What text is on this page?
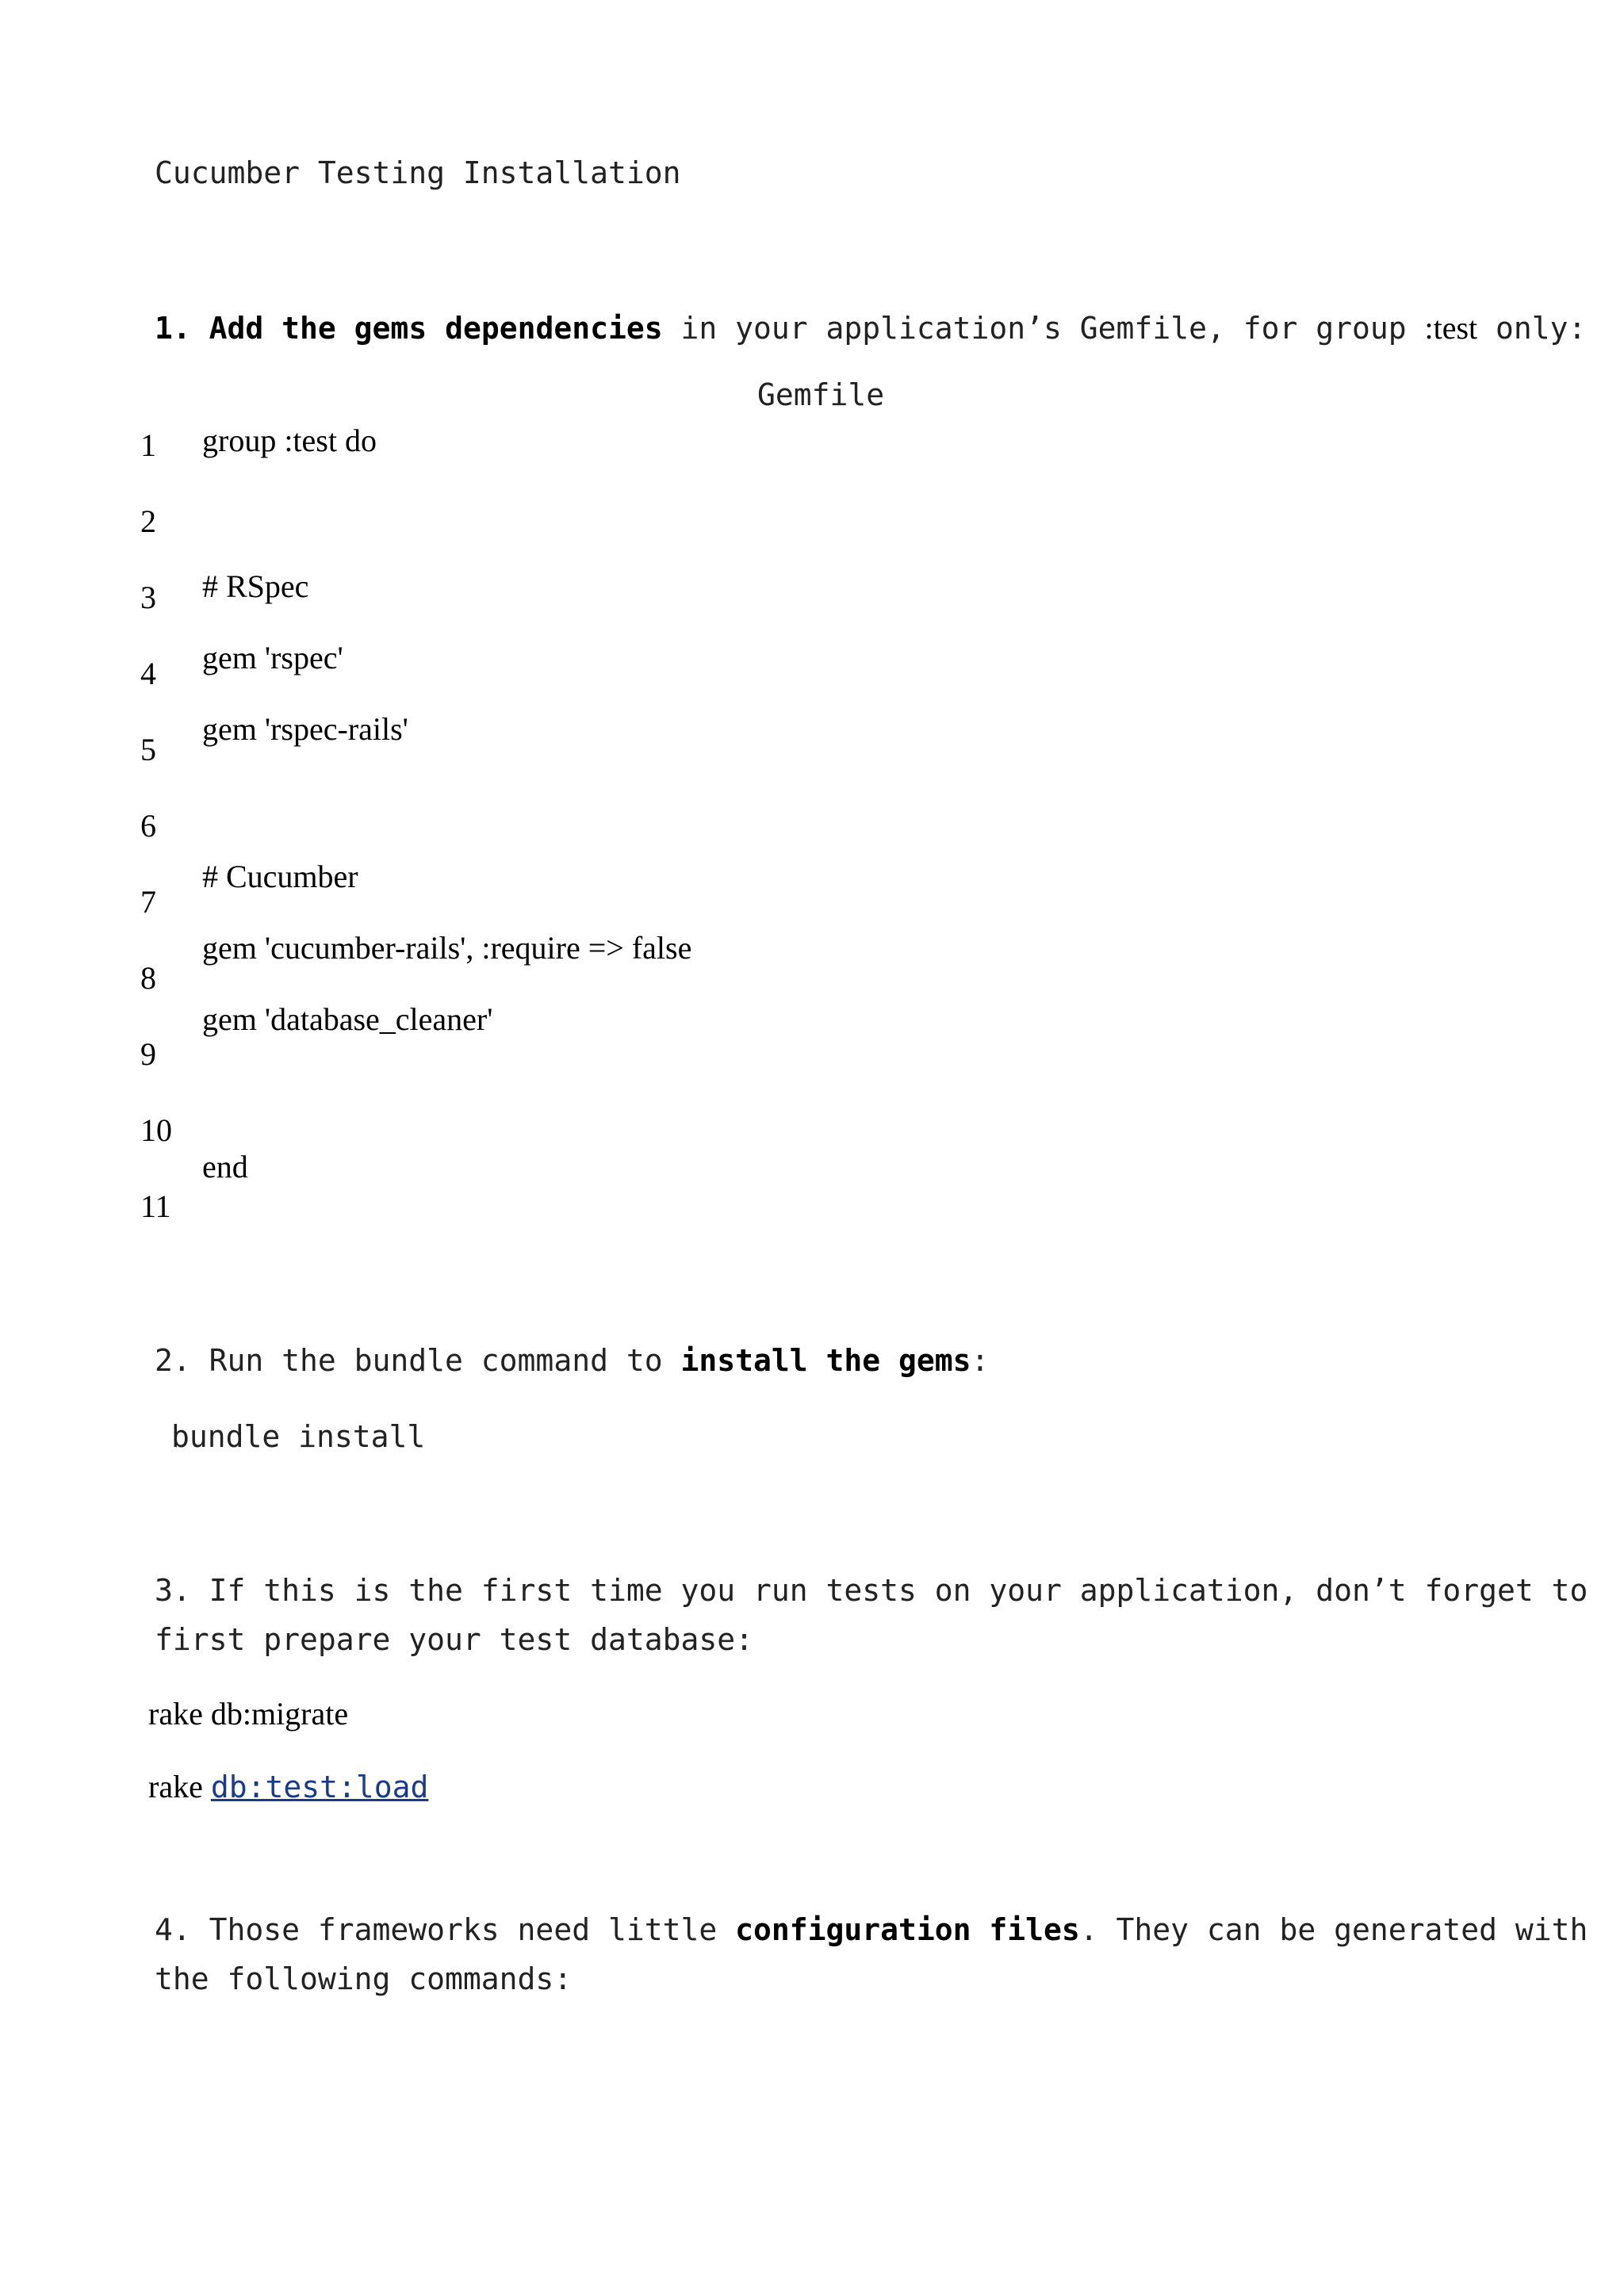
Cucumber Testing Installation
1. Add the gems dependencies in your application’s Gemfile, for group :test only:
Gemfile
1
2
3
4
5
6
7
8
9
10
11
group :test do
# RSpec
gem 'rspec'
gem 'rspec-rails'
# Cucumber
gem 'cucumber-rails', :require => false
gem 'database_cleaner'
end
2. Run the bundle command to install the gems:
bundle install
3. If this is the first time you run tests on your application, don’t forget to
first prepare your test database:
rake db:migrate
rake db:test:load
4. Those frameworks need little configuration files. They can be generated with
the following commands:
